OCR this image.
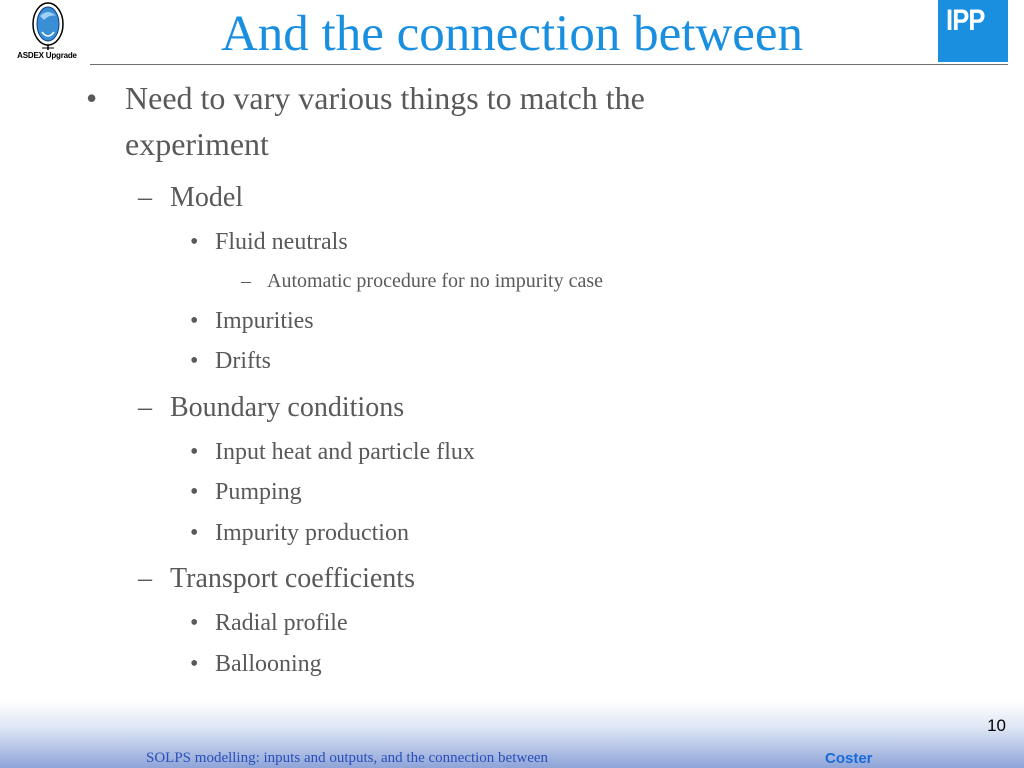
ASDEX Upgrade	And the connection between	IPP
• Need to vary various things to match the
experiment
– Model
• Fluid neutrals
– Automatic procedure for no impurity case
• Impurities
• Drifts
– Boundary conditions
• Input heat and particle flux
• Pumping
• Impurity production
– Transport coefficients
• Radial profile
• Ballooning
10
SOLPS modelling: inputs and outputs, and the connection between	Coster
